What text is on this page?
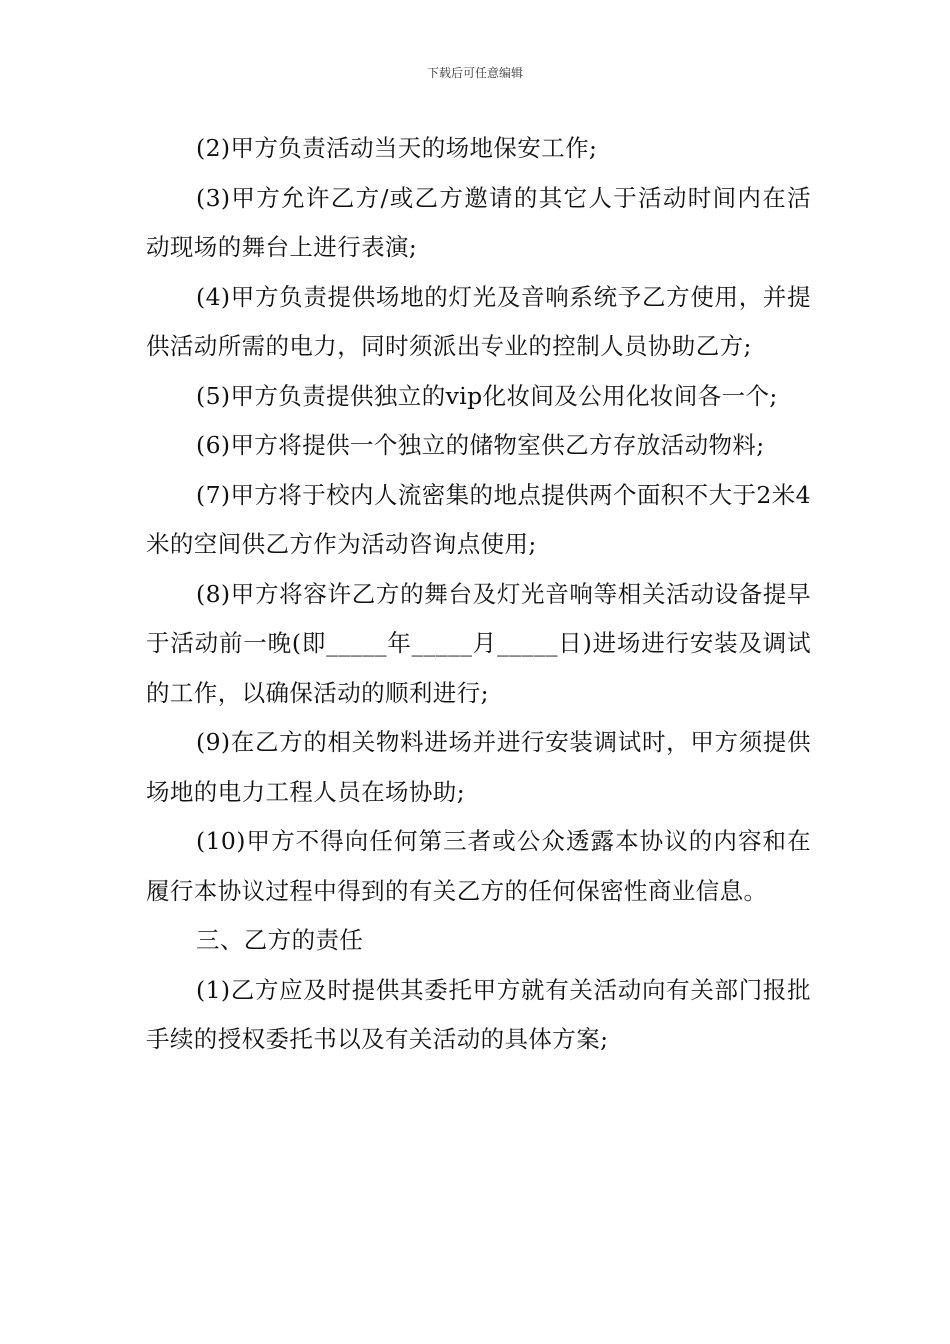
下载后可任意编辑

(2)甲方负责活动当天的场地保安工作;

(3)甲方允许乙方/或乙方邀请的其它人于活动时间内在活动现场的舞台上进行表演;

(4)甲方负责提供场地的灯光及音响系统予乙方使用，并提供活动所需的电力，同时须派出专业的控制人员协助乙方;

(5)甲方负责提供独立的vip化妆间及公用化妆间各一个;

(6)甲方将提供一个独立的储物室供乙方存放活动物料;

(7)甲方将于校内人流密集的地点提供两个面积不大于2米4米的空间供乙方作为活动咨询点使用;

(8)甲方将容许乙方的舞台及灯光音响等相关活动设备提早于活动前一晚(即_____年_____月_____日)进场进行安装及调试的工作，以确保活动的顺利进行;

(9)在乙方的相关物料进场并进行安装调试时，甲方须提供场地的电力工程人员在场协助;

(10)甲方不得向任何第三者或公众透露本协议的内容和在履行本协议过程中得到的有关乙方的任何保密性商业信息。

三、乙方的责任

(1)乙方应及时提供其委托甲方就有关活动向有关部门报批手续的授权委托书以及有关活动的具体方案;
